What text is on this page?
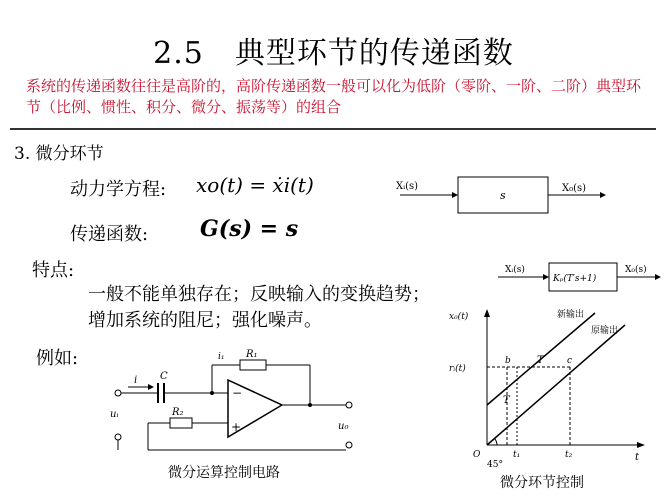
2.5　典型环节的传递函数
系统的传递函数往往是高阶的，高阶传递函数一般可以化为低阶（零阶、一阶、二阶）典型环节（比例、惯性、积分、微分、振荡等）的组合
3. 微分环节
动力学方程: xo(t) = ẋi(t)
传递函数: G(s) = s
特点:
一般不能单独存在；反映输入的变换趋势；
增加系统的阻尼；强化噪声。
例如:
Xᵢ(s)
s
X₀(s)
Xᵢ(s)
Kₚ(T′s+1)
X₀(s)
i C
i₁ R₁
−
+
R₂
uᵢ
u₀
微分运算控制电路
x₀(t)
t
O
新输出
原输出
rᵢ(t)
b	c
T
T
t₁	t₂
45°
微分环节控制
